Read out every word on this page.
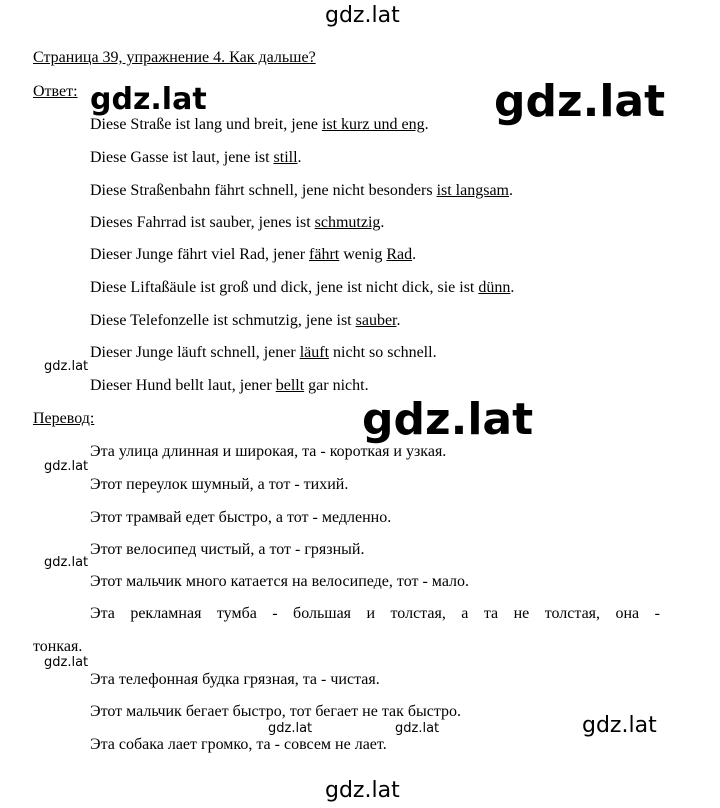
gdz.lat
Страница 39, упражнение 4. Как дальше?
Ответ:
Diese Straße ist lang und breit, jene ist kurz und eng.
Diese Gasse ist laut, jene ist still.
Diese Straßenbahn fährt schnell, jene nicht besonders ist langsam.
Dieses Fahrrad ist sauber, jenes ist schmutzig.
Dieser Junge fährt viel Rad, jener fährt wenig Rad.
Diese Liftaßäule ist groß und dick, jene ist nicht dick, sie ist dünn.
Diese Telefonzelle ist schmutzig, jene ist sauber.
Dieser Junge läuft schnell, jener läuft nicht so schnell.
Dieser Hund bellt laut, jener bellt gar nicht.
Перевод:
Эта улица длинная и широкая, та - короткая и узкая.
Этот переулок шумный, а тот - тихий.
Этот трамвай едет быстро, а тот - медленно.
Этот велосипед чистый, а тот - грязный.
Этот мальчик много катается на велосипеде, тот - мало.
Эта рекламная тумба - большая и толстая, а та не толстая, она -
тонкая.
Эта телефонная будка грязная, та - чистая.
Этот мальчик бегает быстро, тот бегает не так быстро.
Эта собака лает громко, та - совсем не лает.
gdz.lat	gdz.lat
gdz.lat
gdz.lat
gdz.lat
gdz.lat
gdz.lat
gdz.lat	gdz.lat	gdz.lat
gdz.lat
